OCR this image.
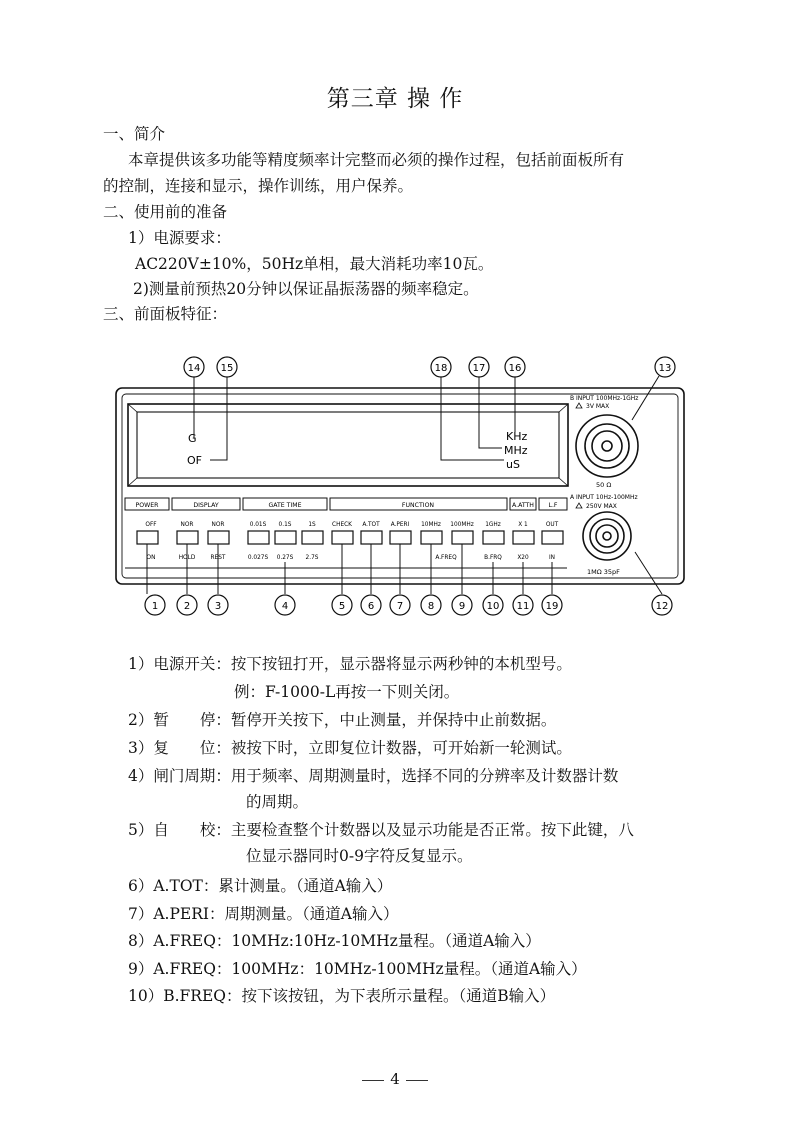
第三章 操 作
一、简介
本章提供该多功能等精度频率计完整而必须的操作过程，包括前面板所有
的控制，连接和显示，操作训练，用户保养。
二、使用前的准备
1）电源要求：
AC220V±10%，50Hz单相，最大消耗功率10瓦。
2)测量前预热20分钟以保证晶振荡器的频率稳定。
三、前面板特征：
G
OF
KHz
MHz
uS
B INPUT 100MHz-1GHz
3V MAX
50 Ω
A INPUT 10Hz-100MHz
250V MAX
1MΩ 35pF
POWER	DISPLAY	GATE TIME	FUNCTION	A.ATTH L.F
OFF	NOR	NOR	0.01S 0.1S	1S	CHECK A.TOT A.PERI 10MHz 100MHz 1GHz	X 1	OUT
ON	HOLD	REST	0.027S 0.27S 2.7S	A.FREQ	B.FRQ	X20	IN
14 15	18	17 16	13
1	2 3	4	5 6 7 8 9 10 11 19	12
1）电源开关：按下按钮打开，显示器将显示两秒钟的本机型号。
例：F-1000-L再按一下则关闭。
2）暂　　停：暂停开关按下，中止测量，并保持中止前数据。
3）复　　位：被按下时，立即复位计数器，可开始新一轮测试。
4）闸门周期：用于频率、周期测量时，选择不同的分辨率及计数器计数
的周期。
5）自　　校：主要检查整个计数器以及显示功能是否正常。按下此键，八
位显示器同时0-9字符反复显示。
6）A.TOT：累计测量。（通道A输入）
7）A.PERI：周期测量。（通道A输入）
8）A.FREQ：10MHz:10Hz-10MHz量程。（通道A输入）
9）A.FREQ：100MHz：10MHz-100MHz量程。（通道A输入）
10）B.FREQ：按下该按钮，为下表所示量程。（通道B输入）
4
